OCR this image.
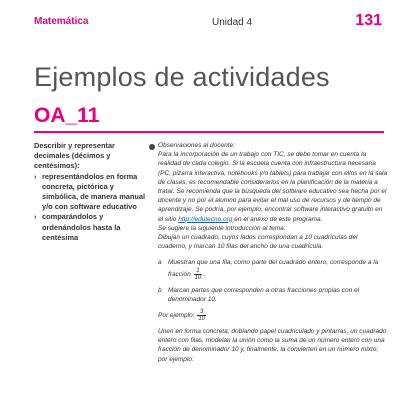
Matemática	Unidad 4	131
Ejemplos de actividades
OA_11
Describir y representar decimales (décimos y centésimos):
› representándolos en forma concreta, pictórica y simbólica, de manera manual y/o con software educativo
› comparándolos y ordenándolos hasta la centésima

Observaciones al docente:

Para la incorporación de un trabajo con TIC, se debe tomar en cuenta la realidad de cada colegio. Si la escuela cuenta con infraestructura necesaria (PC, pizarra interactiva, notebooks y/o tablets) para trabajar con ellos en la sala de clases, es recomendable considerarlos en la planificación de la materia a tratar. Se recomienda que la búsqueda del software educativo sea hecha por el docente y no por el alumno para evitar el mal uso de recursos y de tiempo de aprendizaje. Se podría, por ejemplo, encontrar software interactivo gratuito en el sitio http://edutecno.org en el anexo de este programa.

Se sugiere la siguiente introducción al tema:

Dibujan un cuadrado, cuyos lados correspondan a 10 cuadrículas del cuaderno, y marcan 10 filas del ancho de una cuadrícula.

a Muestran que una fila, como parte del cuadrado entero, corresponde a la fracción $\frac{1}{10}$ .
b Marcan partes que corresponden a otras fracciones propias con el denominador 10.

Por ejemplo: $\frac{3}{10}$

Unen en forma concreta, doblando papel cuadriculado y pintarras, un cuadrado entero con filas, modelan la unión como la suma de un número entero con una fracción de denominador 10 y, finalmente, la convierten en un número mixto; por ejemplo:
